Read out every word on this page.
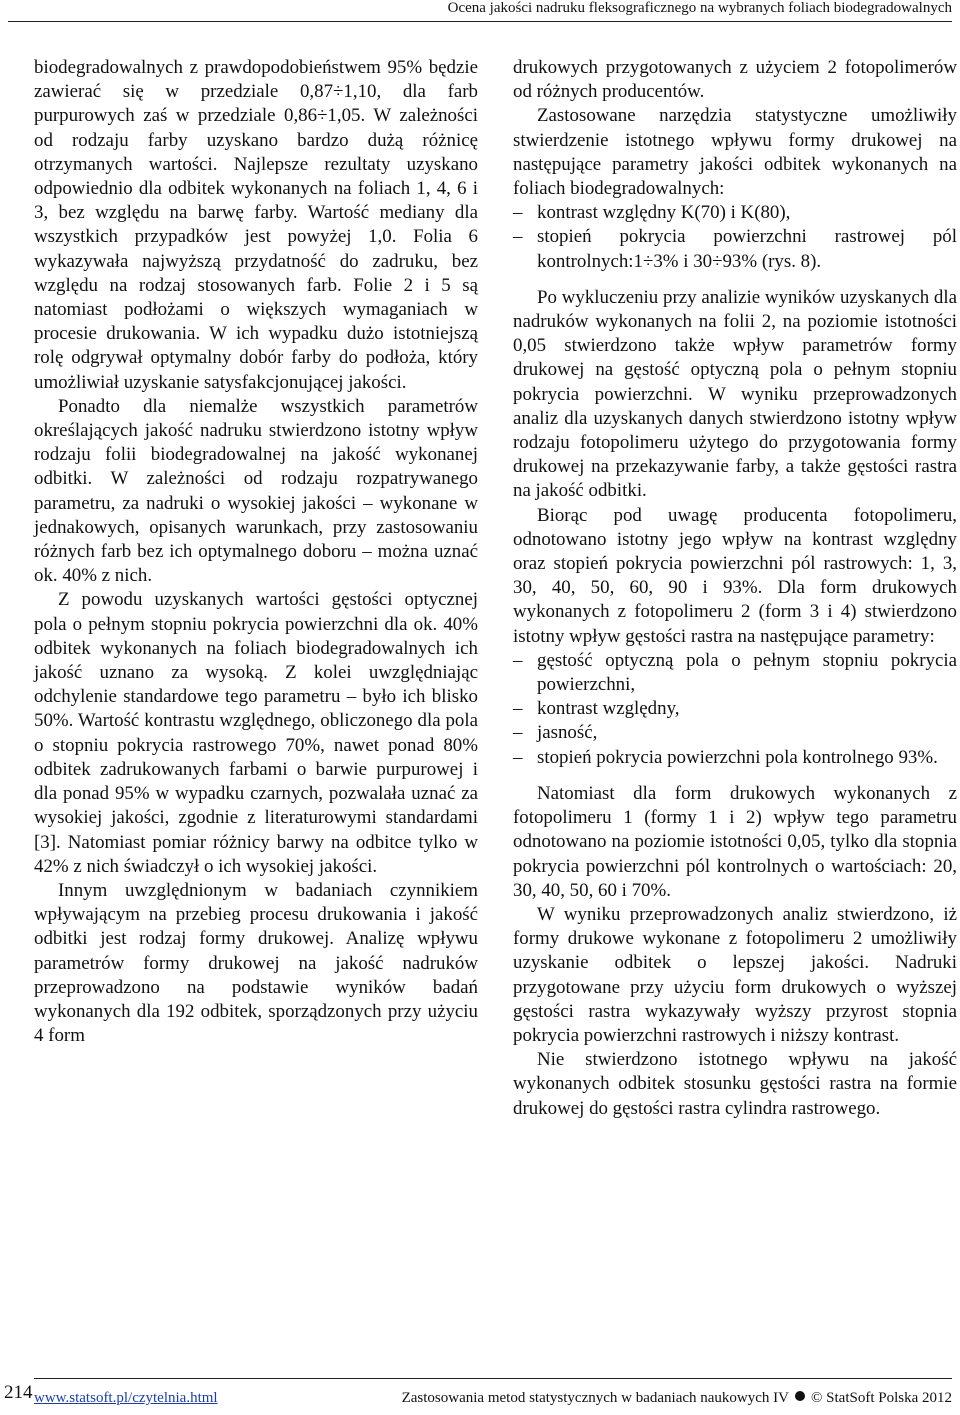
Ocena jakości nadruku fleksograficznego na wybranych foliach biodegradowalnych

biodegradowalnych z prawdopodobieństwem 95% będzie zawierać się w przedziale 0,87÷1,10, dla farb purpurowych zaś w przedziale 0,86÷1,05. W zależności od rodzaju farby uzyskano bardzo dużą różnicę otrzymanych wartości. Najlepsze rezultaty uzyskano odpowiednio dla odbitek wykonanych na foliach 1, 4, 6 i 3, bez względu na barwę farby. Wartość mediany dla wszystkich przypadków jest powyżej 1,0. Folia 6 wykazywała najwyższą przydatność do zadruku, bez względu na rodzaj stosowanych farb. Folie 2 i 5 są natomiast podłożami o większych wymaganiach w procesie drukowania. W ich wypadku dużo istotniejszą rolę odgrywał optymalny dobór farby do podłoża, który umożliwiał uzyskanie satysfakcjonującej jakości.

Ponadto dla niemalże wszystkich parametrów określających jakość nadruku stwierdzono istotny wpływ rodzaju folii biodegradowalnej na jakość wykonanej odbitki. W zależności od rodzaju rozpatrywanego parametru, za nadruki o wysokiej jakości – wykonane w jednakowych, opisanych warunkach, przy zastosowaniu różnych farb bez ich optymalnego doboru – można uznać ok. 40% z nich.

Z powodu uzyskanych wartości gęstości optycznej pola o pełnym stopniu pokrycia powierzchni dla ok. 40% odbitek wykonanych na foliach biodegradowalnych ich jakość uznano za wysoką. Z kolei uwzględniając odchylenie standardowe tego parametru – było ich blisko 50%. Wartość kontrastu względnego, obliczonego dla pola o stopniu pokrycia rastrowego 70%, nawet ponad 80% odbitek zadrukowanych farbami o barwie purpurowej i dla ponad 95% w wypadku czarnych, pozwalała uznać za wysokiej jakości, zgodnie z literaturowymi standardami [3]. Natomiast pomiar różnicy barwy na odbitce tylko w 42% z nich świadczył o ich wysokiej jakości.

Innym uwzględnionym w badaniach czynnikiem wpływającym na przebieg procesu drukowania i jakość odbitki jest rodzaj formy drukowej. Analizę wpływu parametrów formy drukowej na jakość nadruków przeprowadzono na podstawie wyników badań wykonanych dla 192 odbitek, sporządzonych przy użyciu 4 form

drukowych przygotowanych z użyciem 2 fotopolimerów od różnych producentów.

Zastosowane narzędzia statystyczne umożliwiły stwierdzenie istotnego wpływu formy drukowej na następujące parametry jakości odbitek wykonanych na foliach biodegradowalnych:

– kontrast względny K(70) i K(80),
– stopień pokrycia powierzchni rastrowej pól kontrolnych:1÷3% i 30÷93% (rys. 8).

Po wykluczeniu przy analizie wyników uzyskanych dla nadruków wykonanych na folii 2, na poziomie istotności 0,05 stwierdzono także wpływ parametrów formy drukowej na gęstość optyczną pola o pełnym stopniu pokrycia powierzchni. W wyniku przeprowadzonych analiz dla uzyskanych danych stwierdzono istotny wpływ rodzaju fotopolimeru użytego do przygotowania formy drukowej na przekazywanie farby, a także gęstości rastra na jakość odbitki.

Biorąc pod uwagę producenta fotopolimeru, odnotowano istotny jego wpływ na kontrast względny oraz stopień pokrycia powierzchni pól rastrowych: 1, 3, 30, 40, 50, 60, 90 i 93%. Dla form drukowych wykonanych z fotopolimeru 2 (form 3 i 4) stwierdzono istotny wpływ gęstości rastra na następujące parametry:

– gęstość optyczną pola o pełnym stopniu pokrycia powierzchni,
– kontrast względny,
– jasność,
– stopień pokrycia powierzchni pola kontrolnego 93%.

Natomiast dla form drukowych wykonanych z fotopolimeru 1 (formy 1 i 2) wpływ tego parametru odnotowano na poziomie istotności 0,05, tylko dla stopnia pokrycia powierzchni pól kontrolnych o wartościach: 20, 30, 40, 50, 60 i 70%.

W wyniku przeprowadzonych analiz stwierdzono, iż formy drukowe wykonane z fotopolimeru 2 umożliwiły uzyskanie odbitek o lepszej jakości. Nadruki przygotowane przy użyciu form drukowych o wyższej gęstości rastra wykazywały wyższy przyrost stopnia pokrycia powierzchni rastrowych i niższy kontrast.

Nie stwierdzono istotnego wpływu na jakość wykonanych odbitek stosunku gęstości rastra na formie drukowej do gęstości rastra cylindra rastrowego.

214 www.statsoft.pl/czytelnia.html	Zastosowania metod statystycznych w badaniach naukowych IV © StatSoft Polska 2012
